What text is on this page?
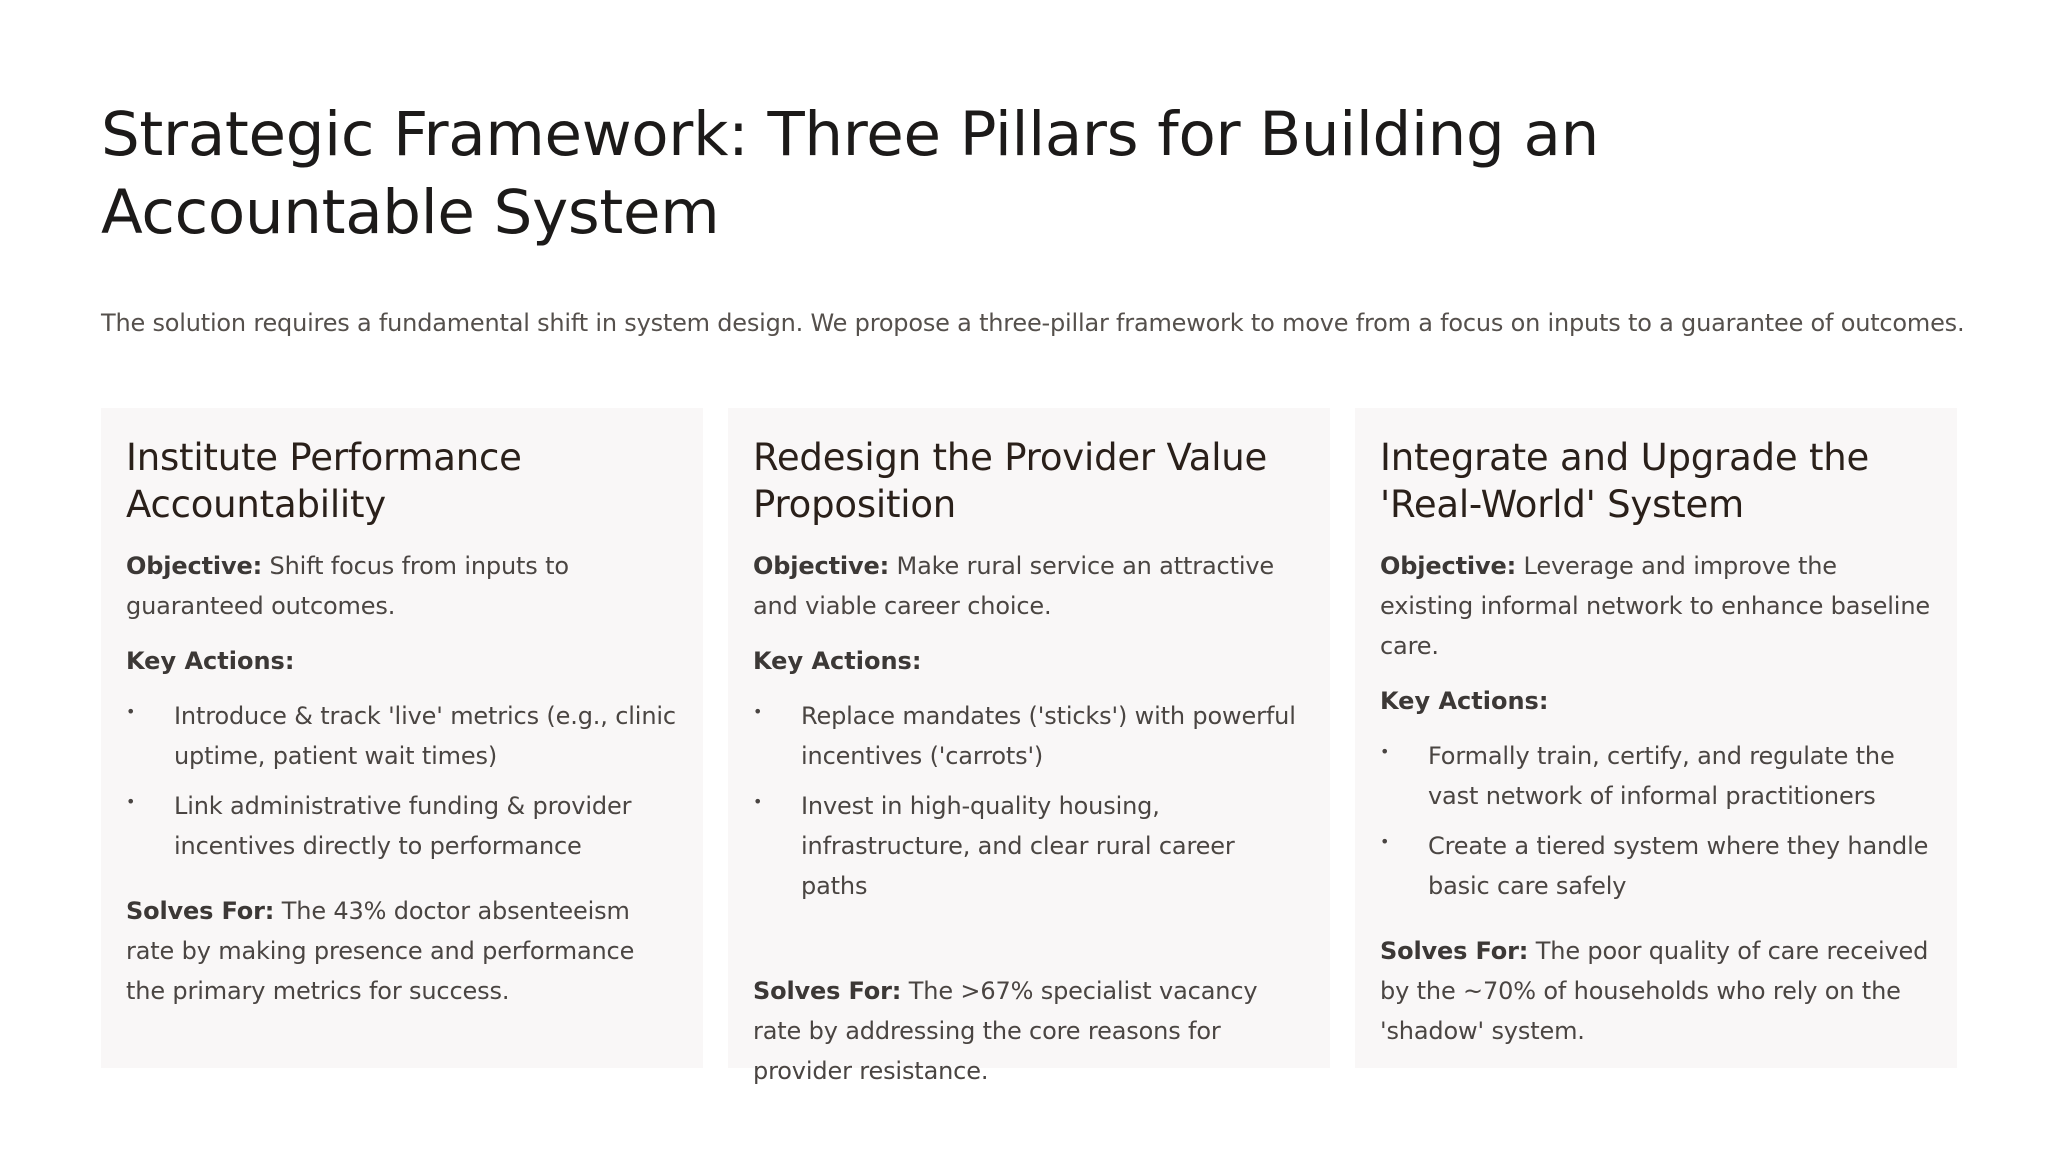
Strategic Framework: Three Pillars for Building an Accountable System

The solution requires a fundamental shift in system design. We propose a three-pillar framework to move from a focus on inputs to a guarantee of outcomes.

Institute Performance Accountability

Objective: Shift focus from inputs to guaranteed outcomes.

Key Actions:
• Introduce & track 'live' metrics (e.g., clinic uptime, patient wait times)
• Link administrative funding & provider incentives directly to performance

Solves For: The 43% doctor absenteeism rate by making presence and performance the primary metrics for success.

Redesign the Provider Value Proposition

Objective: Make rural service an attractive and viable career choice.

Key Actions:
• Replace mandates ('sticks') with powerful incentives ('carrots')
• Invest in high-quality housing, infrastructure, and clear rural career paths

Solves For: The >67% specialist vacancy rate by addressing the core reasons for provider resistance.

Integrate and Upgrade the 'Real-World' System

Objective: Leverage and improve the existing informal network to enhance baseline care.

Key Actions:
• Formally train, certify, and regulate the vast network of informal practitioners
• Create a tiered system where they handle basic care safely

Solves For: The poor quality of care received by the ~70% of households who rely on the 'shadow' system.
